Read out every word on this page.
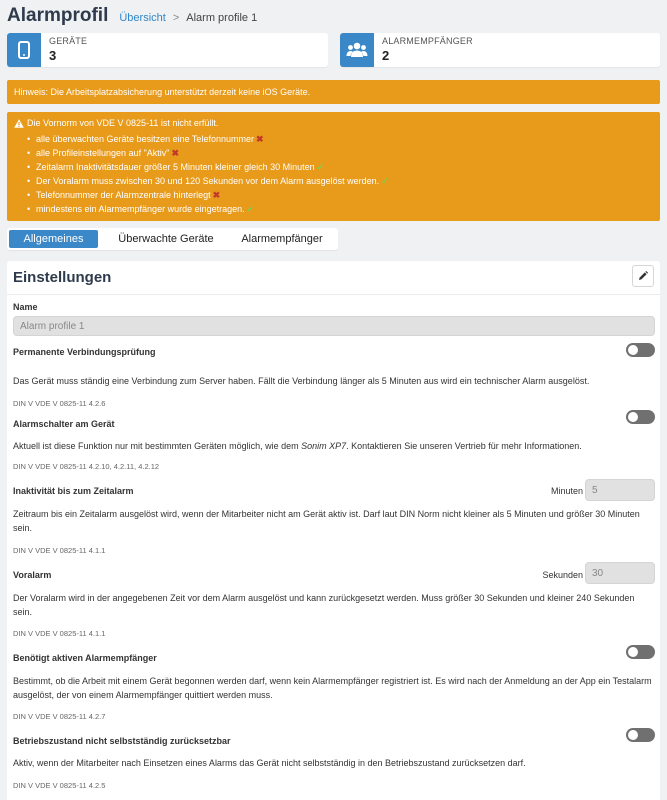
Alarmprofil Übersicht > Alarm profile 1
GERÄTE
3
ALARMEMPFÄNGER
2
Hinweis: Die Arbeitsplatzabsicherung unterstützt derzeit keine iOS Geräte.
Die Vornorm von VDE V 0825-11 ist nicht erfüllt.
• alle überwachten Geräte besitzen eine Telefonnummer ✖
• alle Profileinstellungen auf "Aktiv" ✖
• Zeitalarm Inaktivitätsdauer größer 5 Minuten kleiner gleich 30 Minuten ✓
• Der Voralarm muss zwischen 30 und 120 Sekunden vor dem Alarm ausgelöst werden. ✓
• Telefonnummer der Alarmzentrale hinterlegt ✖
• mindestens ein Alarmempfänger wurde eingetragen. ✓
Allgemeines	Überwachte Geräte	Alarmempfänger
Einstellungen
Name
Alarm profile 1
Permanente Verbindungsprüfung
Das Gerät muss ständig eine Verbindung zum Server haben. Fällt die Verbindung länger als 5 Minuten aus wird ein technischer Alarm ausgelöst.
DIN V VDE V 0825-11 4.2.6
Alarmschalter am Gerät
Aktuell ist diese Funktion nur mit bestimmten Geräten möglich, wie dem Sonim XP7. Kontaktieren Sie unseren Vertrieb für mehr Informationen.
DIN V VDE V 0825-11 4.2.10, 4.2.11, 4.2.12
Inaktivität bis zum Zeitalarm	Minuten
5
Zeitraum bis ein Zeitalarm ausgelöst wird, wenn der Mitarbeiter nicht am Gerät aktiv ist. Darf laut DIN Norm nicht kleiner als 5 Minuten und größer 30 Minuten sein.
DIN V VDE V 0825-11 4.1.1
Voralarm	Sekunden
30
Der Voralarm wird in der angegebenen Zeit vor dem Alarm ausgelöst und kann zurückgesetzt werden. Muss größer 30 Sekunden und kleiner 240 Sekunden sein.
DIN V VDE V 0825-11 4.1.1
Benötigt aktiven Alarmempfänger
Bestimmt, ob die Arbeit mit einem Gerät begonnen werden darf, wenn kein Alarmempfänger registriert ist. Es wird nach der Anmeldung an der App ein Testalarm ausgelöst, der von einem Alarmempfänger quittiert werden muss.
DIN V VDE V 0825-11 4.2.7
Betriebszustand nicht selbstständig zurücksetzbar
Aktiv, wenn der Mitarbeiter nach Einsetzen eines Alarms das Gerät nicht selbstständig in den Betriebszustand zurücksetzen darf.
DIN V VDE V 0825-11 4.2.5
